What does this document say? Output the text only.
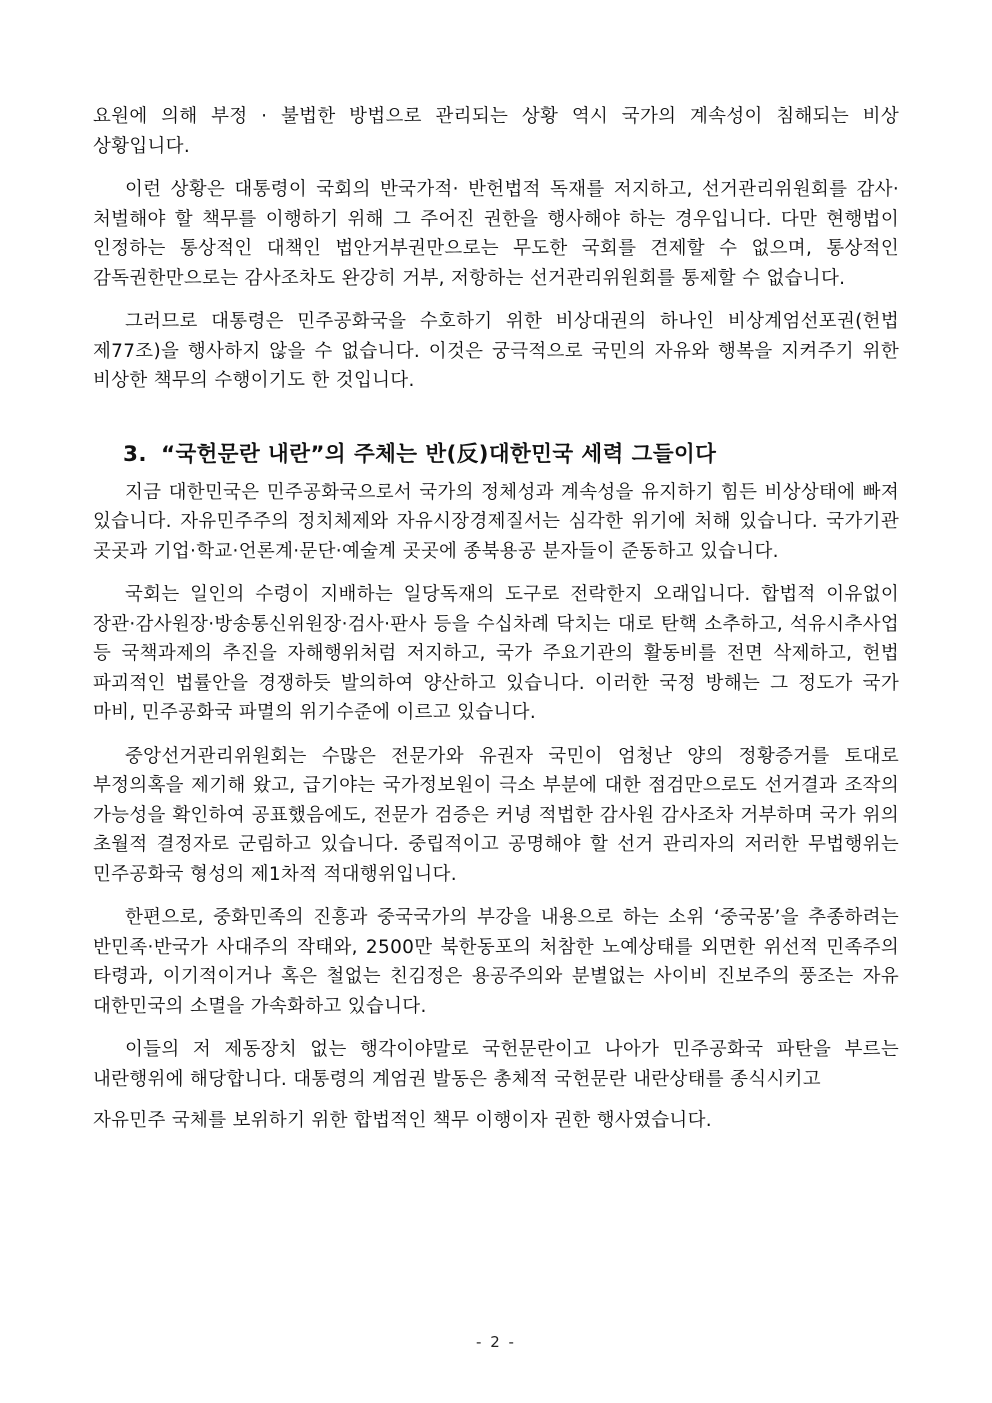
요원에 의해 부정 · 불법한 방법으로 관리되는 상황 역시 국가의 계속성이 침해되는 비상 상황입니다.

이런 상황은 대통령이 국회의 반국가적· 반헌법적 독재를 저지하고, 선거관리위원회를 감사·처벌해야 할 책무를 이행하기 위해 그 주어진 권한을 행사해야 하는 경우입니다. 다만 현행법이 인정하는 통상적인 대책인 법안거부권만으로는 무도한 국회를 견제할 수 없으며, 통상적인 감독권한만으로는 감사조차도 완강히 거부, 저항하는 선거관리위원회를 통제할 수 없습니다.

그러므로 대통령은 민주공화국을 수호하기 위한 비상대권의 하나인 비상계엄선포권(헌법 제77조)을 행사하지 않을 수 없습니다. 이것은 궁극적으로 국민의 자유와 행복을 지켜주기 위한 비상한 책무의 수행이기도 한 것입니다.

3. “국헌문란 내란”의 주체는 반(反)대한민국 세력 그들이다

지금 대한민국은 민주공화국으로서 국가의 정체성과 계속성을 유지하기 힘든 비상상태에 빠져 있습니다. 자유민주주의 정치체제와 자유시장경제질서는 심각한 위기에 처해 있습니다. 국가기관 곳곳과 기업·학교·언론계·문단·예술계 곳곳에 종북용공 분자들이 준동하고 있습니다.

국회는 일인의 수령이 지배하는 일당독재의 도구로 전락한지 오래입니다. 합법적 이유없이 장관·감사원장·방송통신위원장·검사·판사 등을 수십차례 닥치는 대로 탄핵 소추하고, 석유시추사업 등 국책과제의 추진을 자해행위처럼 저지하고, 국가 주요기관의 활동비를 전면 삭제하고, 헌법 파괴적인 법률안을 경쟁하듯 발의하여 양산하고 있습니다. 이러한 국정 방해는 그 정도가 국가 마비, 민주공화국 파멸의 위기수준에 이르고 있습니다.

중앙선거관리위원회는 수많은 전문가와 유권자 국민이 엄청난 양의 정황증거를 토대로 부정의혹을 제기해 왔고, 급기야는 국가정보원이 극소 부분에 대한 점검만으로도 선거결과 조작의 가능성을 확인하여 공표했음에도, 전문가 검증은 커녕 적법한 감사원 감사조차 거부하며 국가 위의 초월적 결정자로 군림하고 있습니다. 중립적이고 공명해야 할 선거 관리자의 저러한 무법행위는 민주공화국 형성의 제1차적 적대행위입니다.

한편으로, 중화민족의 진흥과 중국국가의 부강을 내용으로 하는 소위 ‘중국몽’을 추종하려는 반민족·반국가 사대주의 작태와, 2500만 북한동포의 처참한 노예상태를 외면한 위선적 민족주의 타령과, 이기적이거나 혹은 철없는 친김정은 용공주의와 분별없는 사이비 진보주의 풍조는 자유 대한민국의 소멸을 가속화하고 있습니다.

이들의 저 제동장치 없는 행각이야말로 국헌문란이고 나아가 민주공화국 파탄을 부르는 내란행위에 해당합니다. 대통령의 계엄권 발동은 총체적 국헌문란 내란상태를 종식시키고

자유민주 국체를 보위하기 위한 합법적인 책무 이행이자 권한 행사였습니다.

- 2 -
